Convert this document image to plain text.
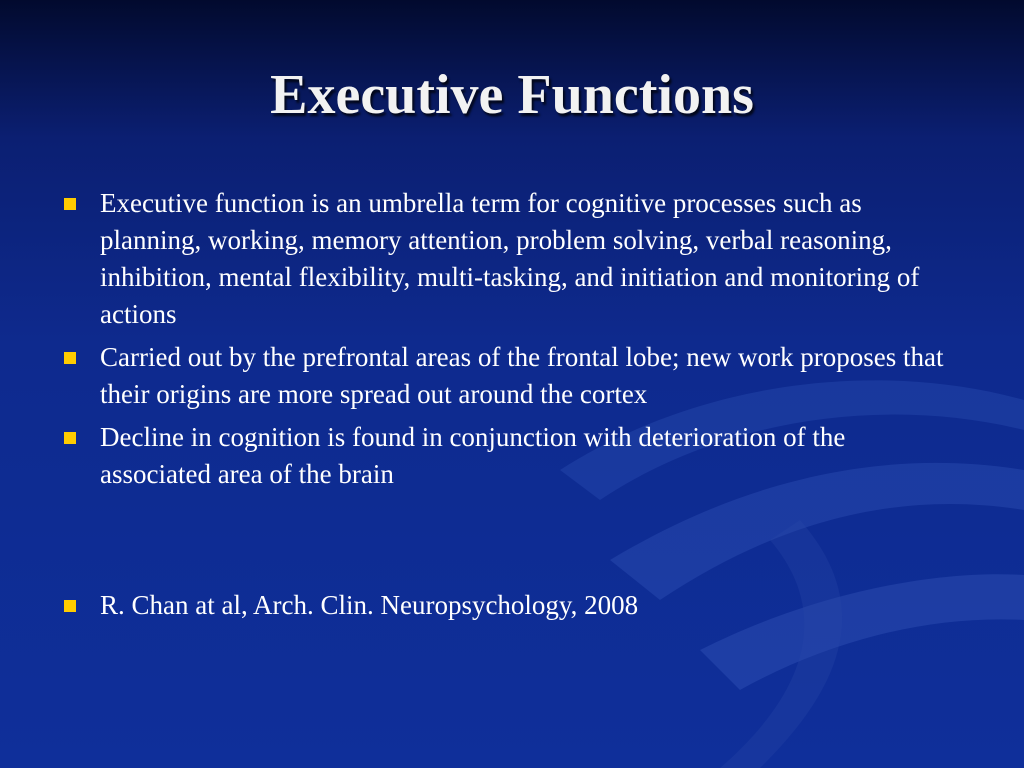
Executive Functions
Executive function is an umbrella term for cognitive processes such as planning, working, memory attention, problem solving, verbal reasoning, inhibition, mental flexibility, multi-tasking, and initiation and monitoring of actions
Carried out by the prefrontal areas of the frontal lobe; new work proposes that their origins are more spread out around the cortex
Decline in cognition is found in conjunction with deterioration of the associated area of the brain
R. Chan at al, Arch. Clin. Neuropsychology, 2008
